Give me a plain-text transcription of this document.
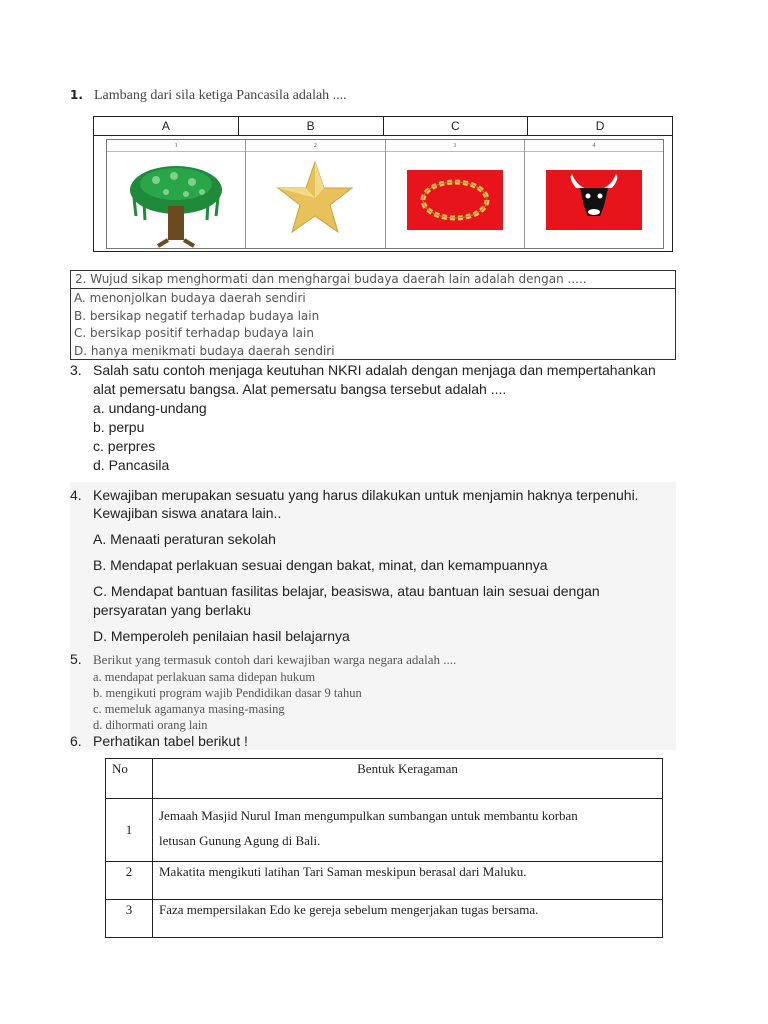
1. Lambang dari sila ketiga Pancasila adalah ....
A	B	C	D
1	2	3	4
2. Wujud sikap menghormati dan menghargai budaya daerah lain adalah dengan .....
A. menonjolkan budaya daerah sendiri
B. bersikap negatif terhadap budaya lain
C. bersikap positif terhadap budaya lain
D. hanya menikmati budaya daerah sendiri
3. Salah satu contoh menjaga keutuhan NKRI adalah dengan menjaga dan mempertahankan
alat pemersatu bangsa. Alat pemersatu bangsa tersebut adalah ....
a. undang-undang
b. perpu
c. perpres
d. Pancasila
4. Kewajiban merupakan sesuatu yang harus dilakukan untuk menjamin haknya terpenuhi.
Kewajiban siswa anatara lain..
A. Menaati peraturan sekolah
B. Mendapat perlakuan sesuai dengan bakat, minat, dan kemampuannya
C. Mendapat bantuan fasilitas belajar, beasiswa, atau bantuan lain sesuai dengan
persyaratan yang berlaku
D. Memperoleh penilaian hasil belajarnya
5. Berikut yang termasuk contoh dari kewajiban warga negara adalah ....
a. mendapat perlakuan sama didepan hukum
b. mengikuti program wajib Pendidikan dasar 9 tahun
c. memeluk agamanya masing-masing
d. dihormati orang lain
6. Perhatikan tabel berikut !
No	Bentuk Keragaman
1	Jemaah Masjid Nurul Iman mengumpulkan sumbangan untuk membantu korban
letusan Gunung Agung di Bali.

2	Makatita mengikuti latihan Tari Saman meskipun berasal dari Maluku.
3	Faza mempersilakan Edo ke gereja sebelum mengerjakan tugas bersama.
